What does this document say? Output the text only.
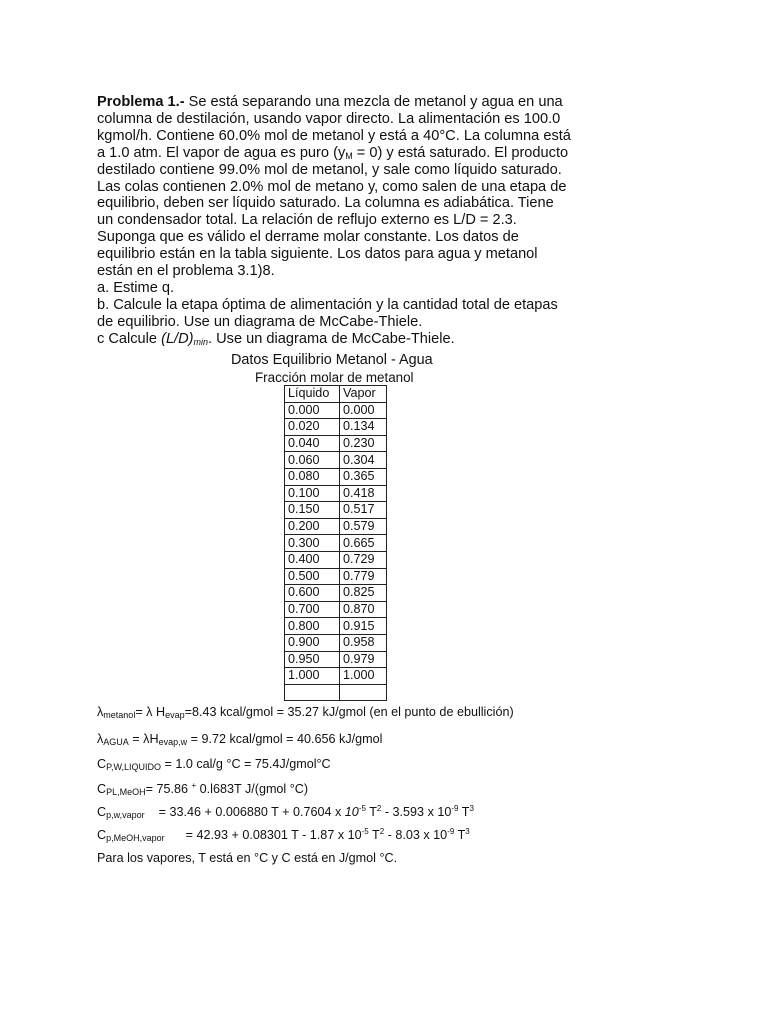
Problema 1.- Se está separando una mezcla de metanol y agua en una
columna de destilación, usando vapor directo. La alimentación es 100.0
kgmol/h. Contiene 60.0% mol de metanol y está a 40°C. La columna está
a 1.0 atm. El vapor de agua es puro $(y_M = 0)$ y está saturado. El producto
destilado contiene 99.0% mol de metanol, y sale como líquido saturado.
Las colas contienen 2.0% mol de metano y, como salen de una etapa de
equilibrio, deben ser líquido saturado. La columna es adiabática. Tiene
un condensador total. La relación de reflujo externo es L/D = 2.3.
Suponga que es válido el derrame molar constante. Los datos de
equilibrio están en la tabla siguiente. Los datos para agua y metanol
están en el problema 3.1)8.
a. Estime q.
b. Calcule la etapa óptima de alimentación y la cantidad total de etapas
de equilibrio. Use un diagrama de McCabe-Thiele.
c Calcule $(L/D)_{min}$. Use un diagrama de McCabe-Thiele.
Datos Equilibrio Metanol - Agua
Fracción molar de metanol
Líquido	Vapor
0.000	0.000
0.020	0.134
0.040	0.230
0.060	0.304
0.080	0.365
0.100	0.418
0.150	0.517
0.200	0.579
0.300	0.665
0.400	0.729
0.500	0.779
0.600	0.825
0.700	0.870
0.800	0.915
0.900	0.958
0.950	0.979
1.000	1.000

$\lambda_{metanol}= \lambda$ $H_{evap}=8.43$ kcal/gmol = 35.27 kJ/gmol (en el punto de ebullición)
$\lambda_{AGUA} = \lambda H_{evap,w} = 9.72$ kcal/gmol = 40.656 kJ/gmol
$C_{P,W,LIQUIDO} = 1.0$ cal/g °C = 75.4J/gmol°C
$C_{PL,MeOH}= 75.86$ + 0.l683T J/(gmol °C)
$C_{p,w,vapor}$    = 33.46 + 0.006880 T + 0.7604 x $10^{-5}$ $T^2 - 3.593$ x $10^{-9}$ $T^3$
$C_{p,MeOH,vapor}$      = 42.93 + 0.08301 T - 1.87 x $10^{-5}$ $T^2 - 8.03$ x $10^{-9}$ $T^3$
Para los vapores, T está en °C y C está en J/gmol °C.
